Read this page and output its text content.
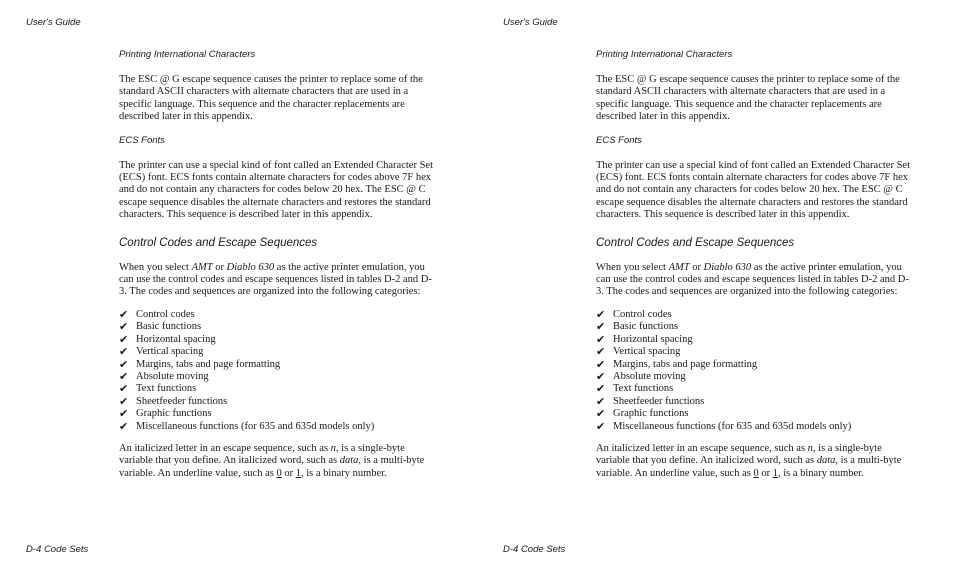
User's Guide

Printing International Characters

The ESC @ G escape sequence causes the printer to replace some of the standard ASCII characters with alternate characters that are used in a specific language. This sequence and the character replacements are described later in this appendix.

ECS Fonts

The printer can use a special kind of font called an Extended Character Set (ECS) font. ECS fonts contain alternate characters for codes above 7F hex and do not contain any characters for codes below 20 hex. The ESC @ C escape sequence disables the alternate characters and restores the standard characters. This sequence is described later in this appendix.

Control Codes and Escape Sequences

When you select AMT or Diablo 630 as the active printer emulation, you can use the control codes and escape sequences listed in tables D-2 and D-3. The codes and sequences are organized into the following categories:

✔ Control codes
✔ Basic functions
✔ Horizontal spacing
✔ Vertical spacing
✔ Margins, tabs and page formatting
✔ Absolute moving
✔ Text functions
✔ Sheetfeeder functions
✔ Graphic functions
✔ Miscellaneous functions (for 635 and 635d models only)

An italicized letter in an escape sequence, such as n, is a single-byte variable that you define. An italicized word, such as data, is a multi-byte variable. An underline value, such as 0 or 1, is a binary number.

D-4 Code Sets
User's Guide

Printing International Characters

The ESC @ G escape sequence causes the printer to replace some of the standard ASCII characters with alternate characters that are used in a specific language. This sequence and the character replacements are described later in this appendix.

ECS Fonts

The printer can use a special kind of font called an Extended Character Set (ECS) font. ECS fonts contain alternate characters for codes above 7F hex and do not contain any characters for codes below 20 hex. The ESC @ C escape sequence disables the alternate characters and restores the standard characters. This sequence is described later in this appendix.

Control Codes and Escape Sequences

When you select AMT or Diablo 630 as the active printer emulation, you can use the control codes and escape sequences listed in tables D-2 and D-3. The codes and sequences are organized into the following categories:

✔ Control codes
✔ Basic functions
✔ Horizontal spacing
✔ Vertical spacing
✔ Margins, tabs and page formatting
✔ Absolute moving
✔ Text functions
✔ Sheetfeeder functions
✔ Graphic functions
✔ Miscellaneous functions (for 635 and 635d models only)

An italicized letter in an escape sequence, such as n, is a single-byte variable that you define. An italicized word, such as data, is a multi-byte variable. An underline value, such as 0 or 1, is a binary number.

D-4 Code Sets
